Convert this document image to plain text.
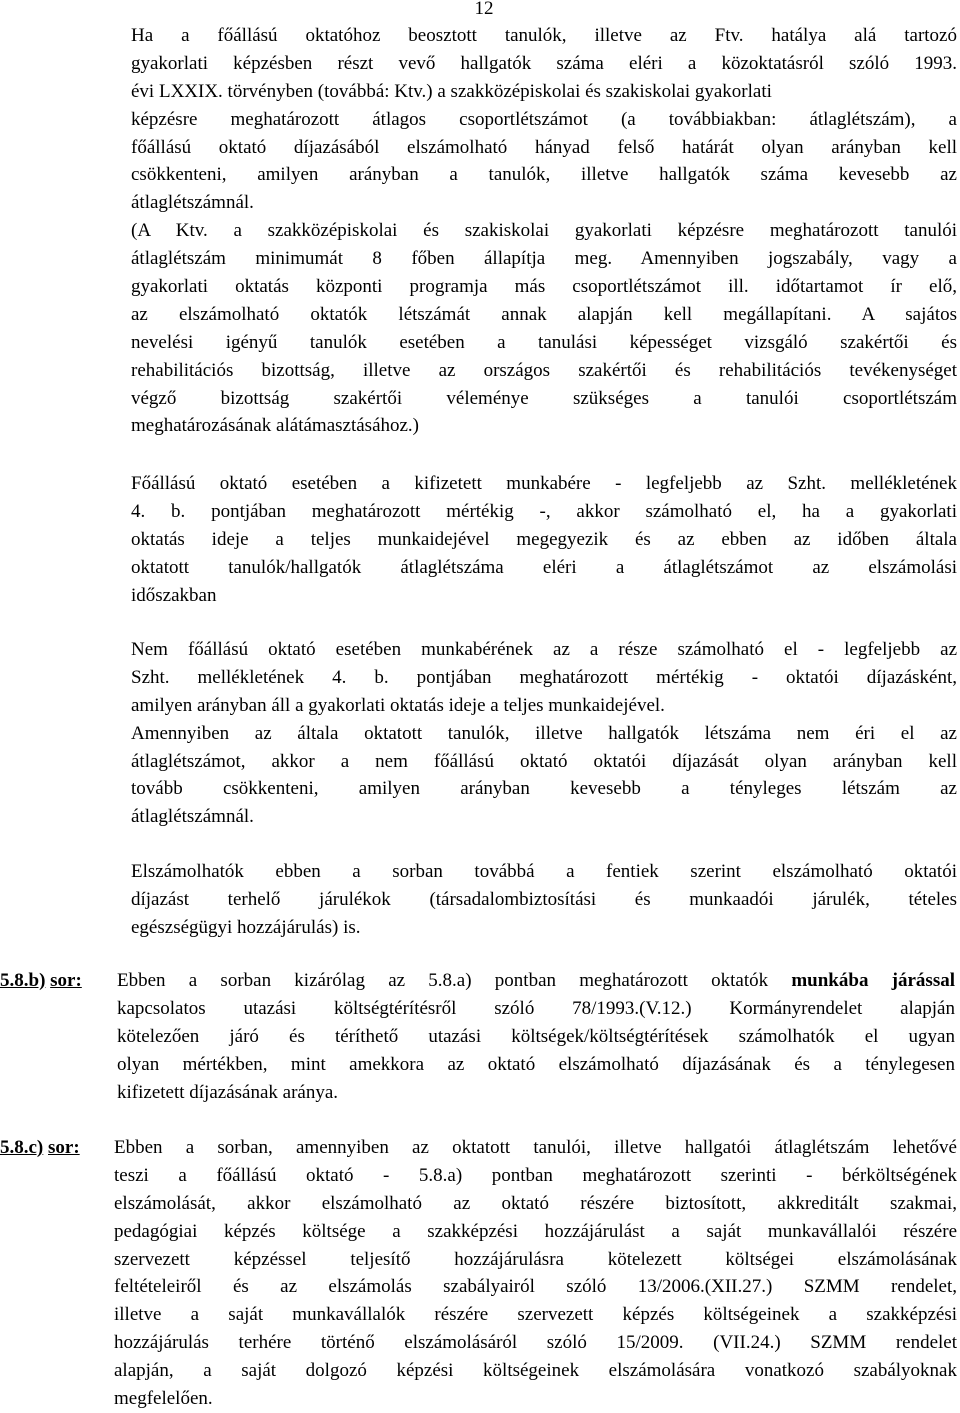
12
Ha a főállású oktatóhoz beosztott tanulók, illetve az Ftv. hatálya alá tartozó
gyakorlati képzésben részt vevő hallgatók száma eléri a közoktatásról szóló 1993.
évi LXXIX. törvényben (továbbá: Ktv.) a szakközépiskolai és szakiskolai gyakorlati
képzésre meghatározott átlagos csoportlétszámot (a továbbiakban: átlaglétszám), a
főállású oktató díjazásából elszámolható hányad felső határát olyan arányban kell
csökkenteni, amilyen arányban a tanulók, illetve hallgatók száma kevesebb az
átlaglétszámnál.
(A Ktv. a szakközépiskolai és szakiskolai gyakorlati képzésre meghatározott tanulói
átlaglétszám minimumát 8 főben állapítja meg. Amennyiben jogszabály, vagy a
gyakorlati oktatás központi programja más csoportlétszámot ill. időtartamot ír elő,
az elszámolható oktatók létszámát annak alapján kell megállapítani. A sajátos
nevelési igényű tanulók esetében a tanulási képességet vizsgáló szakértői és
rehabilitációs bizottság, illetve az országos szakértői és rehabilitációs tevékenységet
végző bizottság szakértői véleménye szükséges a tanulói csoportlétszám
meghatározásának alátámasztásához.)
Főállású oktató esetében a kifizetett munkabére - legfeljebb az Szht. mellékletének
4. b. pontjában meghatározott mértékig -, akkor számolható el, ha a gyakorlati
oktatás ideje a teljes munkaidejével megegyezik és az ebben az időben általa
oktatott tanulók/hallgatók átlaglétszáma eléri a átlaglétszámot az elszámolási
időszakban
Nem főállású oktató esetében munkabérének az a része számolható el - legfeljebb az
Szht. mellékletének 4. b. pontjában meghatározott mértékig - oktatói díjazásként,
amilyen arányban áll a gyakorlati oktatás ideje a teljes munkaidejével.
Amennyiben az általa oktatott tanulók, illetve hallgatók létszáma nem éri el az
átlaglétszámot, akkor a nem főállású oktató oktatói díjazását olyan arányban kell
tovább csökkenteni, amilyen arányban kevesebb a tényleges létszám az
átlaglétszámnál.
Elszámolhatók ebben a sorban továbbá a fentiek szerint elszámolható oktatói
díjazást terhelő járulékok (társadalombiztosítási és munkaadói járulék, tételes
egészségügyi hozzájárulás) is.
5.8.b) sor: Ebben a sorban kizárólag az 5.8.a) pontban meghatározott oktatók munkába járással
kapcsolatos utazási költségtérítésről szóló 78/1993.(V.12.) Kormányrendelet alapján
kötelezően járó és téríthető utazási költségek/költségtérítések számolhatók el ugyan
olyan mértékben, mint amekkora az oktató elszámolható díjazásának és a ténylegesen
kifizetett díjazásának aránya.
5.8.c) sor: Ebben a sorban, amennyiben az oktatott tanulói, illetve hallgatói átlaglétszám lehetővé
teszi a főállású oktató - 5.8.a) pontban meghatározott szerinti - bérköltségének
elszámolását, akkor elszámolható az oktató részére biztosított, akkreditált szakmai,
pedagógiai képzés költsége a szakképzési hozzájárulást a saját munkavállalói részére
szervezett képzéssel teljesítő hozzájárulásra kötelezett költségei elszámolásának
feltételeiről és az elszámolás szabályairól szóló 13/2006.(XII.27.) SZMM rendelet,
illetve a saját munkavállalók részére szervezett képzés költségeinek a szakképzési
hozzájárulás terhére történő elszámolásáról szóló 15/2009. (VII.24.) SZMM rendelet
alapján, a saját dolgozó képzési költségeinek elszámolására vonatkozó szabályoknak
megfelelően.
